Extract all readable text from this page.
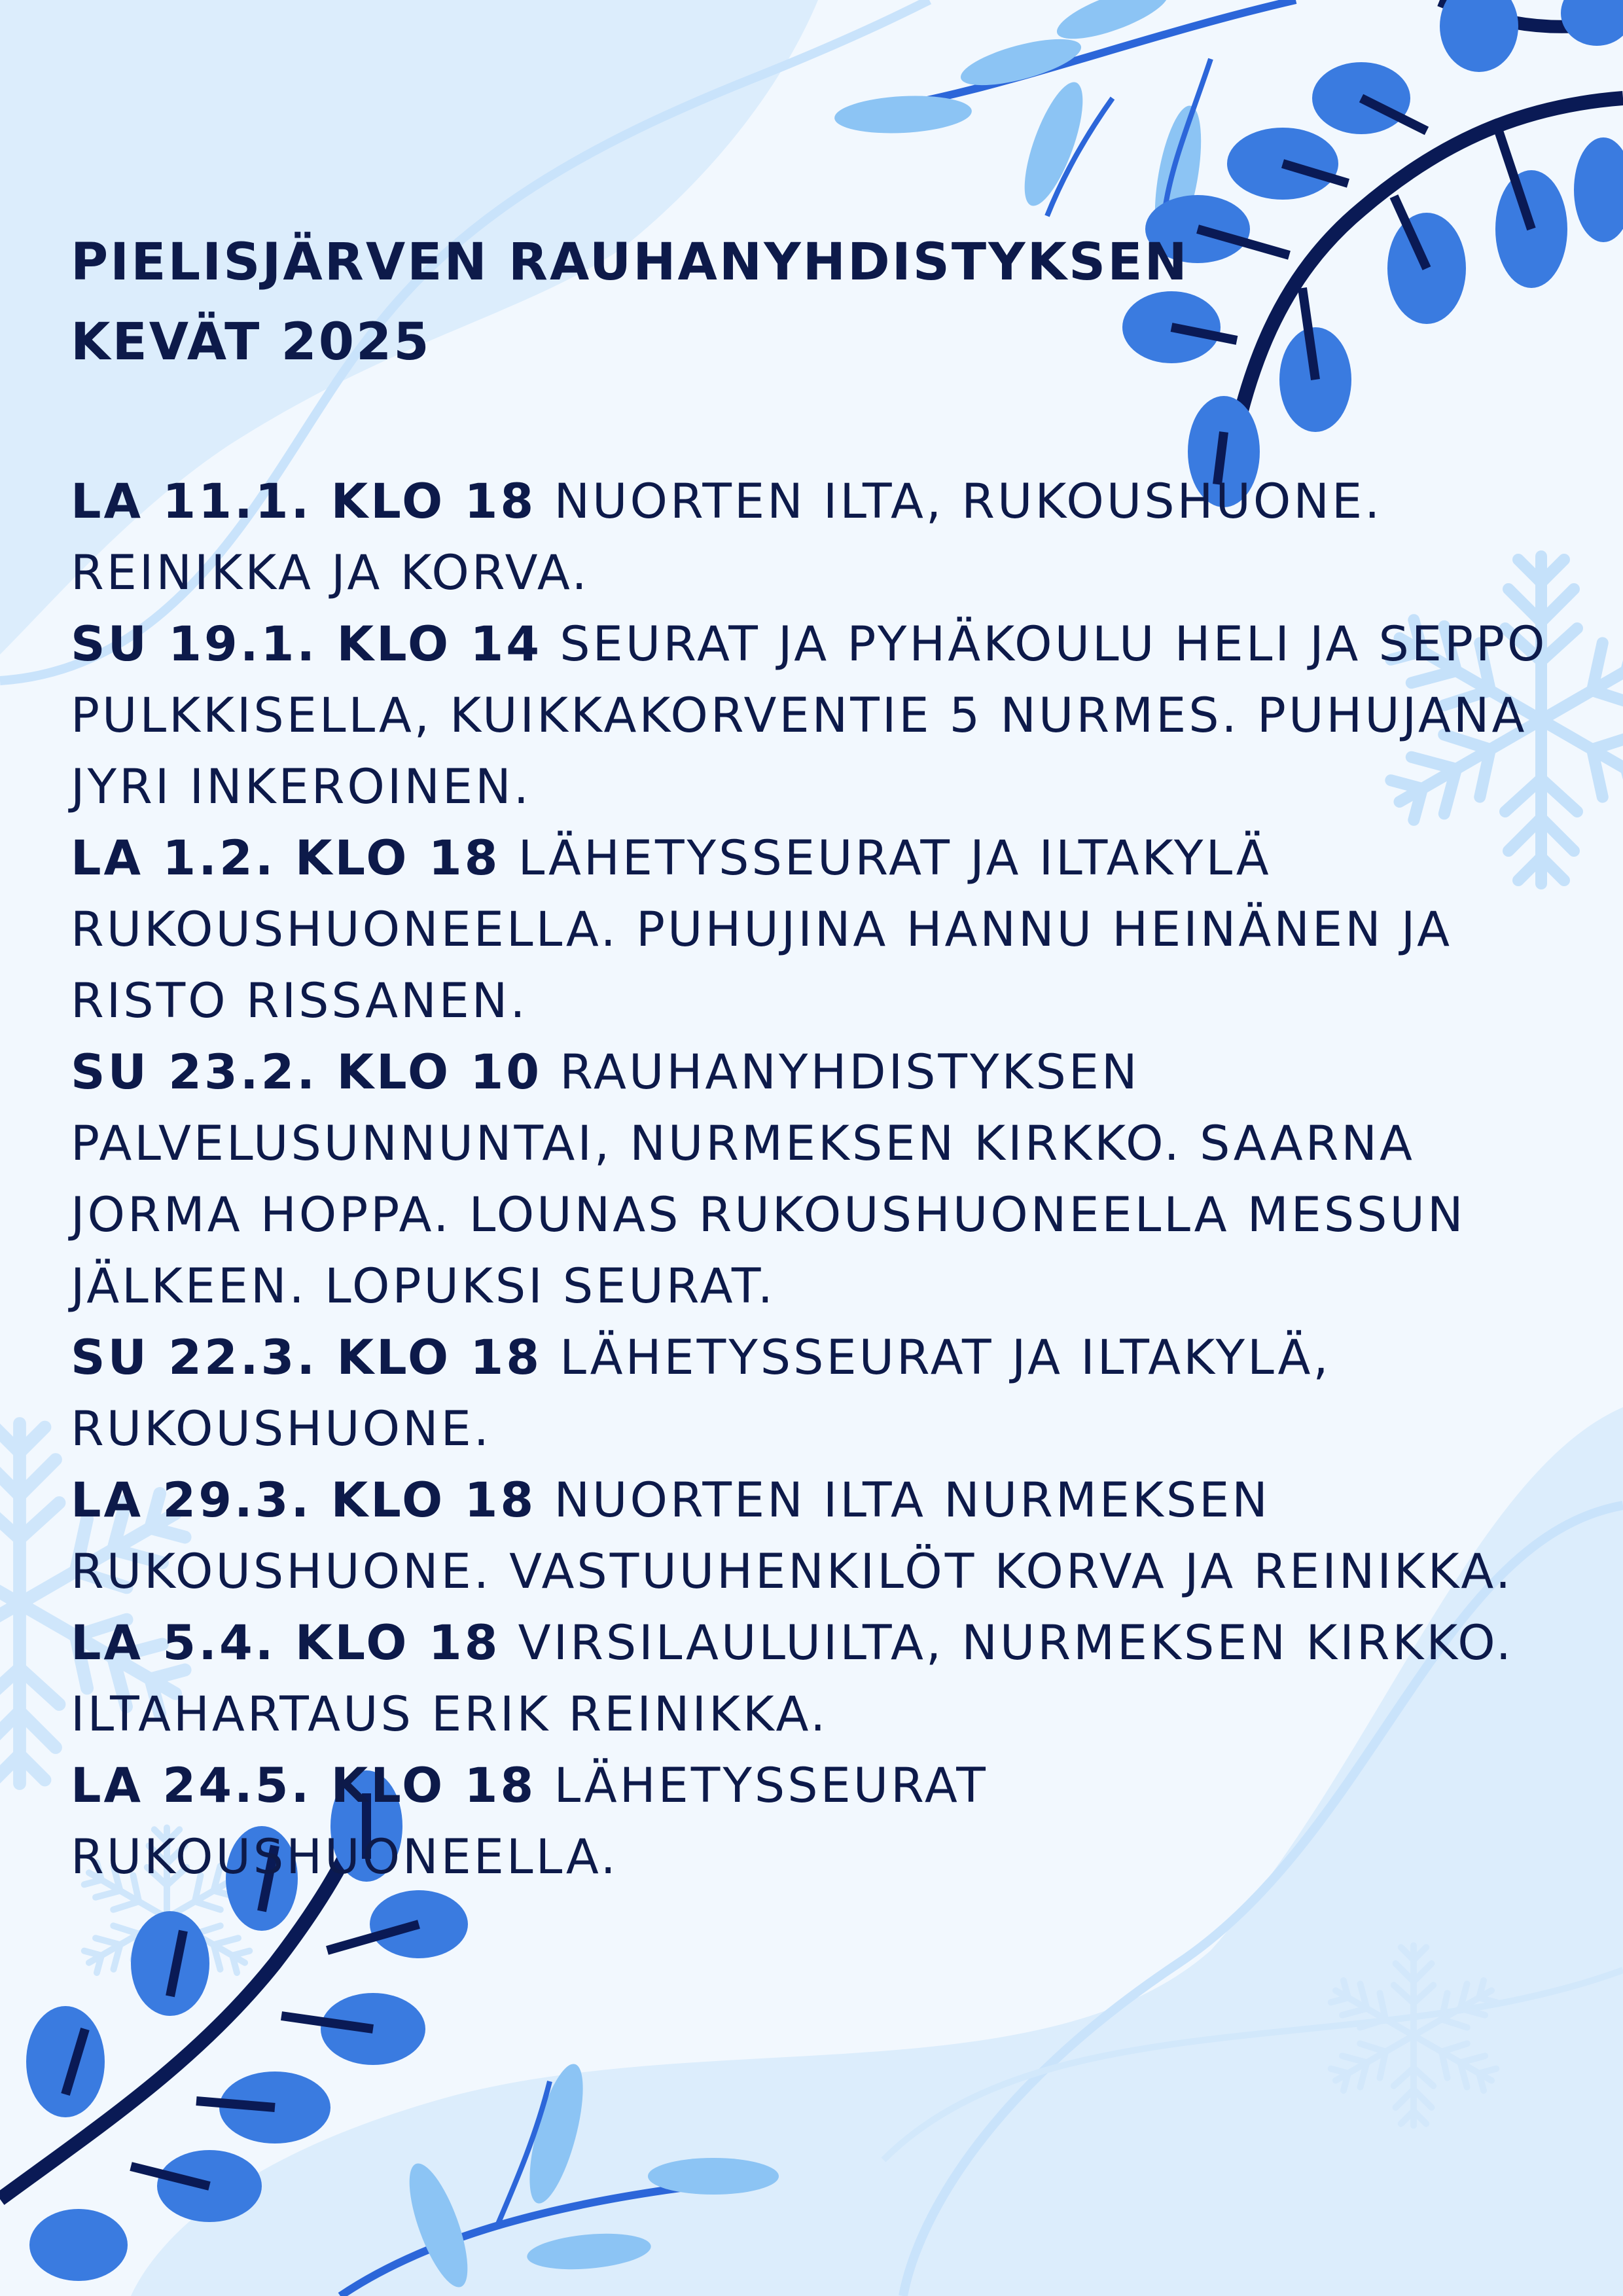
PIELISJÄRVEN RAUHANYHDISTYKSEN
KEVÄT 2025

LA 11.1. KLO 18 NUORTEN ILTA, RUKOUSHUONE. REINIKKA JA KORVA.

SU 19.1. KLO 14 SEURAT JA PYHÄKOULU HELI JA SEPPO PULKKISELLA, KUIKKAKORVENTIE 5 NURMES. PUHUJANA JYRI INKEROINEN.

LA 1.2. KLO 18 LÄHETYSSEURAT JA ILTAKYLÄ RUKOUSHUONEELLA. PUHUJINA HANNU HEINÄNEN JA RISTO RISSANEN.

SU 23.2. KLO 10 RAUHANYHDISTYKSEN PALVELUSUNNUNTAI, NURMEKSEN KIRKKO. SAARNA JORMA HOPPA. LOUNAS RUKOUSHUONEELLA MESSUN JÄLKEEN. LOPUKSI SEURAT.

SU 22.3. KLO 18 LÄHETYSSEURAT JA ILTAKYLÄ, RUKOUSHUONE.

LA 29.3. KLO 18 NUORTEN ILTA NURMEKSEN RUKOUSHUONE. VASTUUHENKILÖT KORVA JA REINIKKA.

LA 5.4. KLO 18 VIRSILAULUILTA, NURMEKSEN KIRKKO. ILTAHARTAUS ERIK REINIKKA.

LA 24.5. KLO 18 LÄHETYSSEURAT RUKOUSHUONEELLA.
